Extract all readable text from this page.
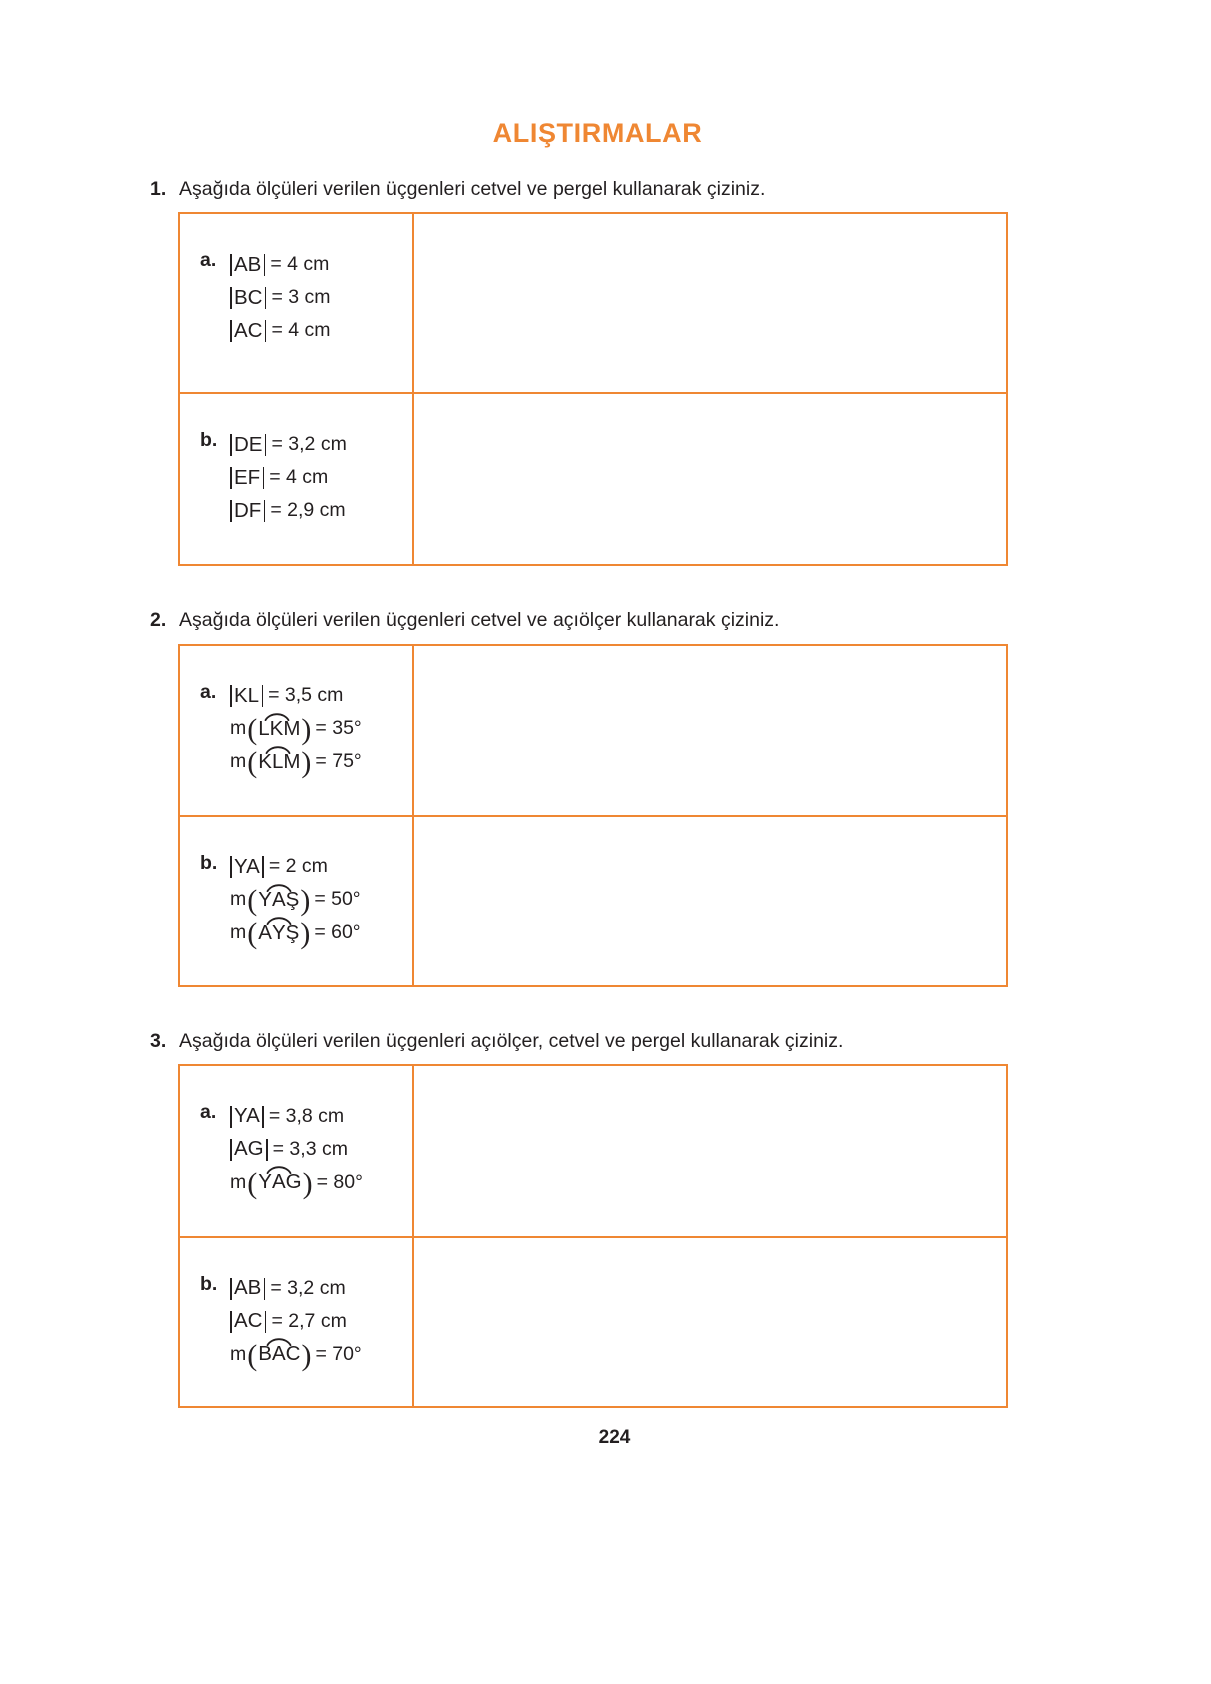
ALIŞTIRMALAR
1. Aşağıda ölçüleri verilen üçgenleri cetvel ve pergel kullanarak çiziniz.
a. AB = 4 cm
BC = 3 cm
AC = 4 cm

b. DE = 3,2 cm
EF = 4 cm
DF = 2,9 cm

2. Aşağıda ölçüleri verilen üçgenleri cetvel ve açıölçer kullanarak çiziniz.
a. KL = 3,5 cm
m ( L
KM ) = 35°
m ( K
LM ) = 75°

b. YA = 2 cm
m ( Y
AŞ ) = 50°
m ( A
YŞ ) = 60°

3. Aşağıda ölçüleri verilen üçgenleri açıölçer, cetvel ve pergel kullanarak çiziniz.
a. YA = 3,8 cm
AG = 3,3 cm
m ( Y
AG ) = 80°

b. AB = 3,2 cm
AC = 2,7 cm
m ( B
AC ) = 70°

224
